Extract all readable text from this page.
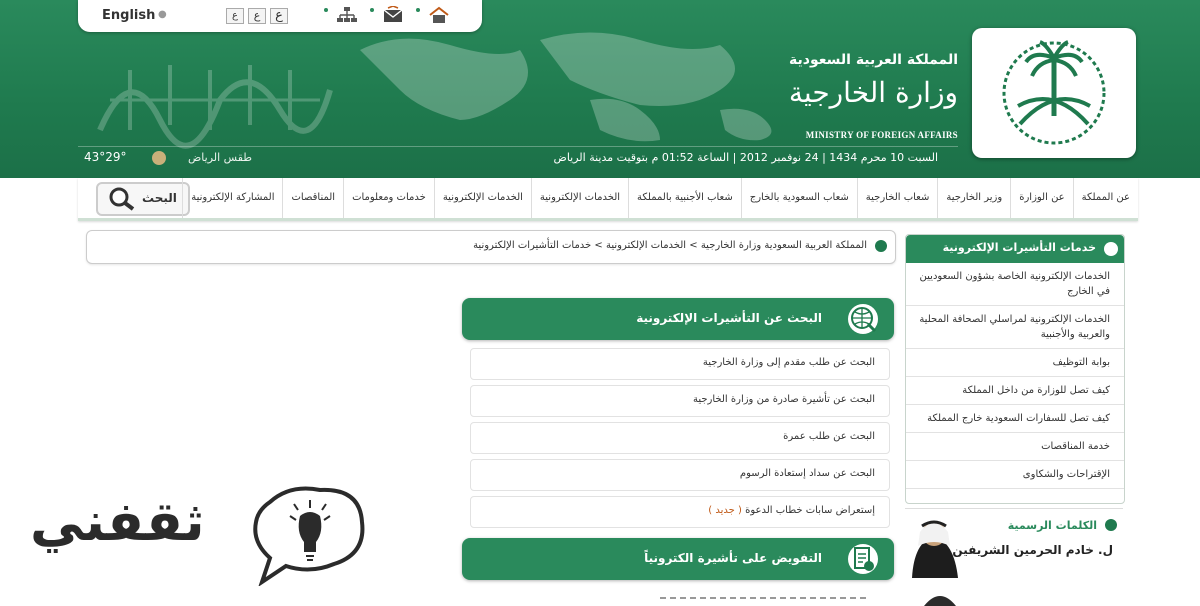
English ●	ع	ع	ع
المملكة العربية السعودية
وزارة الخارجية
MINISTRY OF FOREIGN AFFAIRS
43°29°	طقس الرياض	السبت 10 محرم 1434 | 24 نوفمبر 2012 | الساعة 01:52 م بتوقيت مدينة الرياض
البحث	عن المملكة
عن الوزارة
وزير الخارجية
شعاب الخارجية
شعاب السعودية بالخارج
شعاب الأجنبية بالمملكة
الخدمات الإلكترونية
الخدمات الإلكترونية
خدمات ومعلومات
المناقصات
المشاركة الإلكترونية
المملكة العربية السعودية وزارة الخارجية > الخدمات الإلكترونية > خدمات التأشيرات الإلكترونية	خدمات التأشيرات الإلكترونية
الخدمات الإلكترونية الخاصة بشؤون السعوديين في الخارج
الخدمات الإلكترونية لمراسلي الصحافة المحلية والعربية والأجنبية
بوابة التوظيف
كيف تصل للوزارة من داخل المملكة
كيف تصل للسفارات السعودية خارج المملكة
خدمة المناقصات
الإقتراحات والشكاوى
الكلمات الرسمية
ل. خادم الحرمين الشريفين
البحث عن التأشيرات الإلكترونية
البحث عن طلب مقدم إلى وزارة الخارجية
البحث عن تأشيرة صادرة من وزارة الخارجية
البحث عن طلب عمرة
البحث عن سداد إستعادة الرسوم
إستعراض سابات خطاب الدعوة ( جديد )
التفويض على تأشيرة الكترونياً
ثقفني
